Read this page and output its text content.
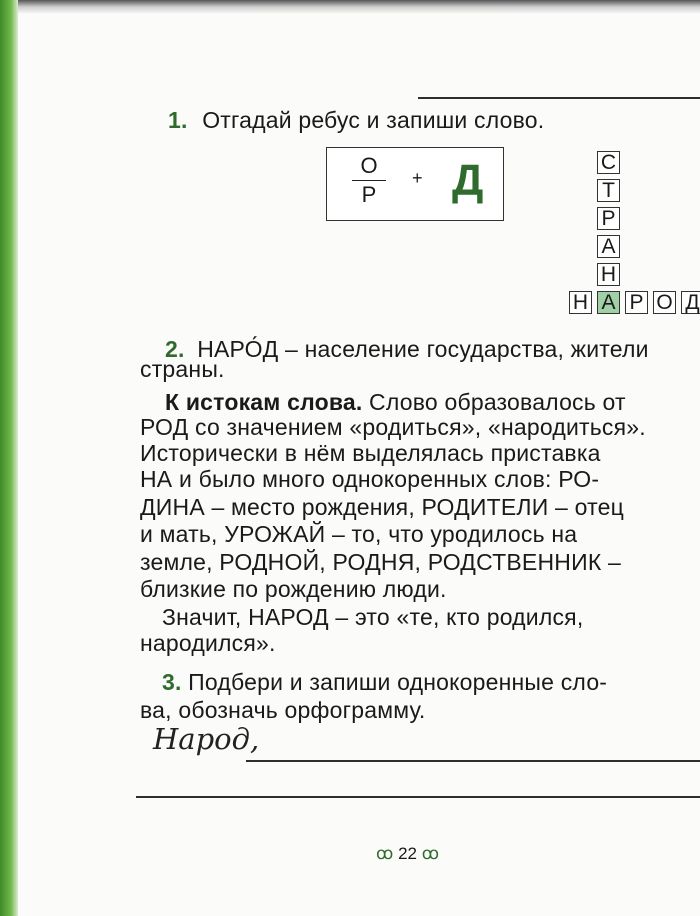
1. Отгадай ребус и запиши слово.
О
Р
+ Д	С
Т
Р
А
Н
Н А Р О Д
2. НАРО́Д – население государства, жители
страны.
К истокам слова. Слово образовалось от
РОД со значением «родиться», «народиться».
Исторически в нём выделялась приставка
НА и было много однокоренных слов: РО-
ДИНА – место рождения, РОДИТЕЛИ – отец
и мать, УРОЖАЙ – то, что уродилось на
земле, РОДНОЙ, РОДНЯ, РОДСТВЕННИК –
близкие по рождению люди.
Значит, НАРОД – это «те, кто родился,
народился».
3. Подбери и запиши однокоренные сло-
ва, обозначь орфограмму.
Народ,
ꝏ 22 ꝏ
